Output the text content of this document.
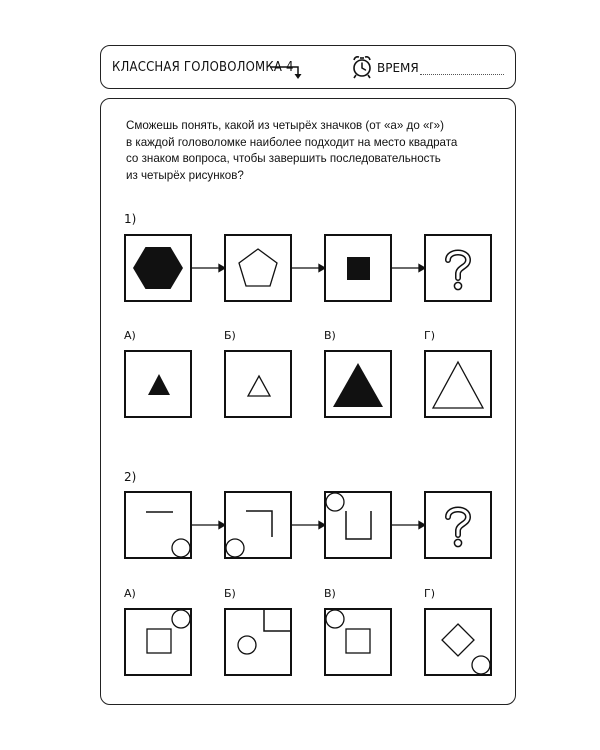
КЛАССНАЯ ГОЛОВОЛОМКА 4	ВРЕМЯ
Сможешь понять, какой из четырёх значков (от «а» до «г»)
в каждой головоломке наиболее подходит на место квадрата
со знаком вопроса, чтобы завершить последовательность
из четырёх рисунков?
1)
А)	Б)	В)	Г)
2)
А)	Б)	В)	Г)
